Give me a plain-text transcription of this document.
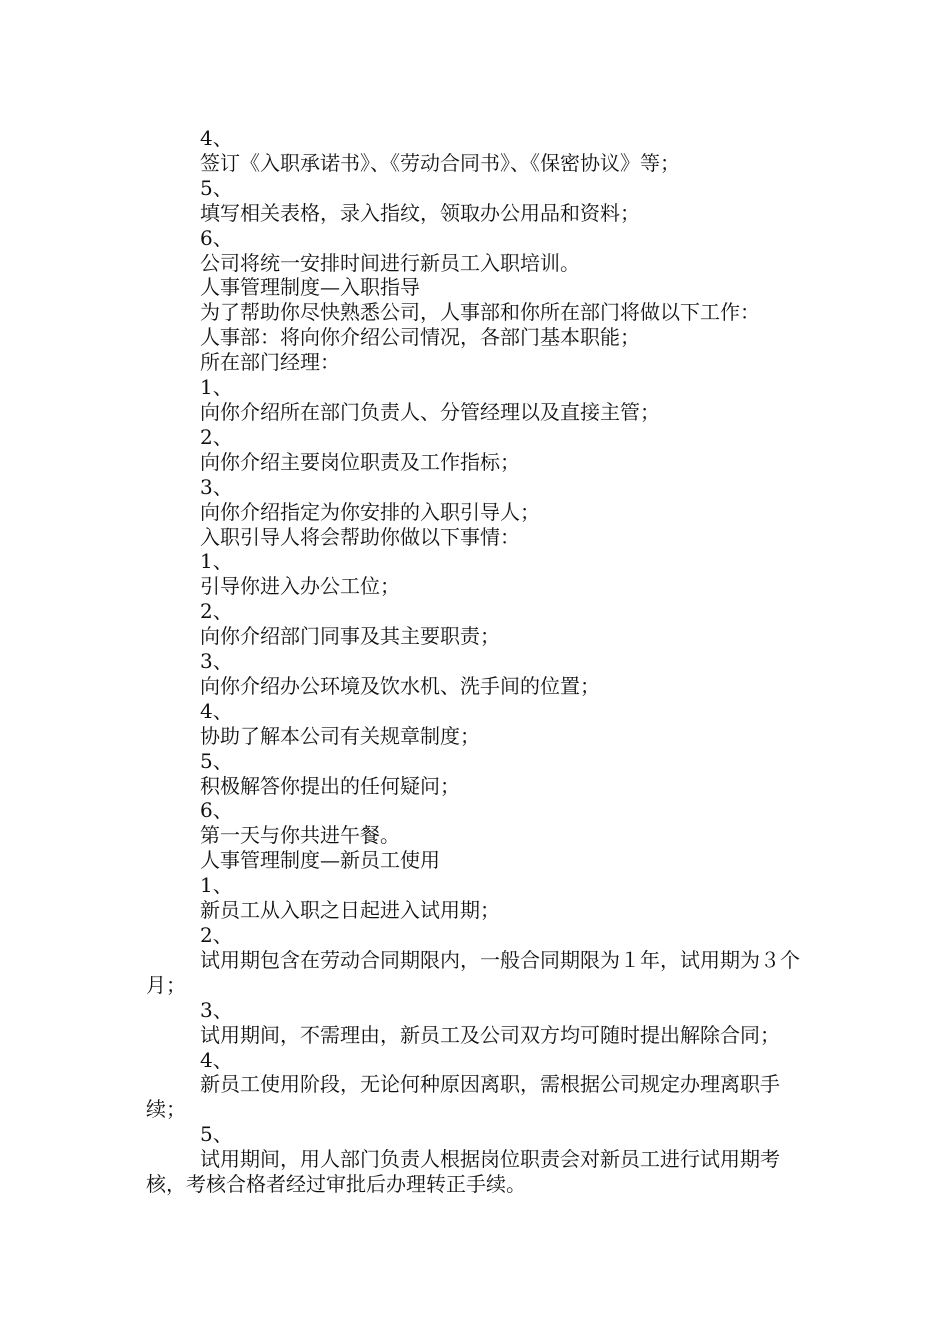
4、
签订《入职承诺书》、《劳动合同书》、《保密协议》等；
5、
填写相关表格，录入指纹，领取办公用品和资料；
6、
公司将统一安排时间进行新员工入职培训。
人事管理制度—入职指导
为了帮助你尽快熟悉公司，人事部和你所在部门将做以下工作：
人事部：将向你介绍公司情况，各部门基本职能；
所在部门经理：
1、
向你介绍所在部门负责人、分管经理以及直接主管；
2、
向你介绍主要岗位职责及工作指标；
3、
向你介绍指定为你安排的入职引导人；
入职引导人将会帮助你做以下事情：
1、
引导你进入办公工位；
2、
向你介绍部门同事及其主要职责；
3、
向你介绍办公环境及饮水机、洗手间的位置；
4、
协助了解本公司有关规章制度；
5、
积极解答你提出的任何疑问；
6、
第一天与你共进午餐。
人事管理制度—新员工使用
1、
新员工从入职之日起进入试用期；
2、
试用期包含在劳动合同期限内，一般合同期限为１年，试用期为３个月；
3、
试用期间，不需理由，新员工及公司双方均可随时提出解除合同；
4、
新员工使用阶段，无论何种原因离职，需根据公司规定办理离职手续；
5、
试用期间，用人部门负责人根据岗位职责会对新员工进行试用期考核，考核合格者经过审批后办理转正手续。
